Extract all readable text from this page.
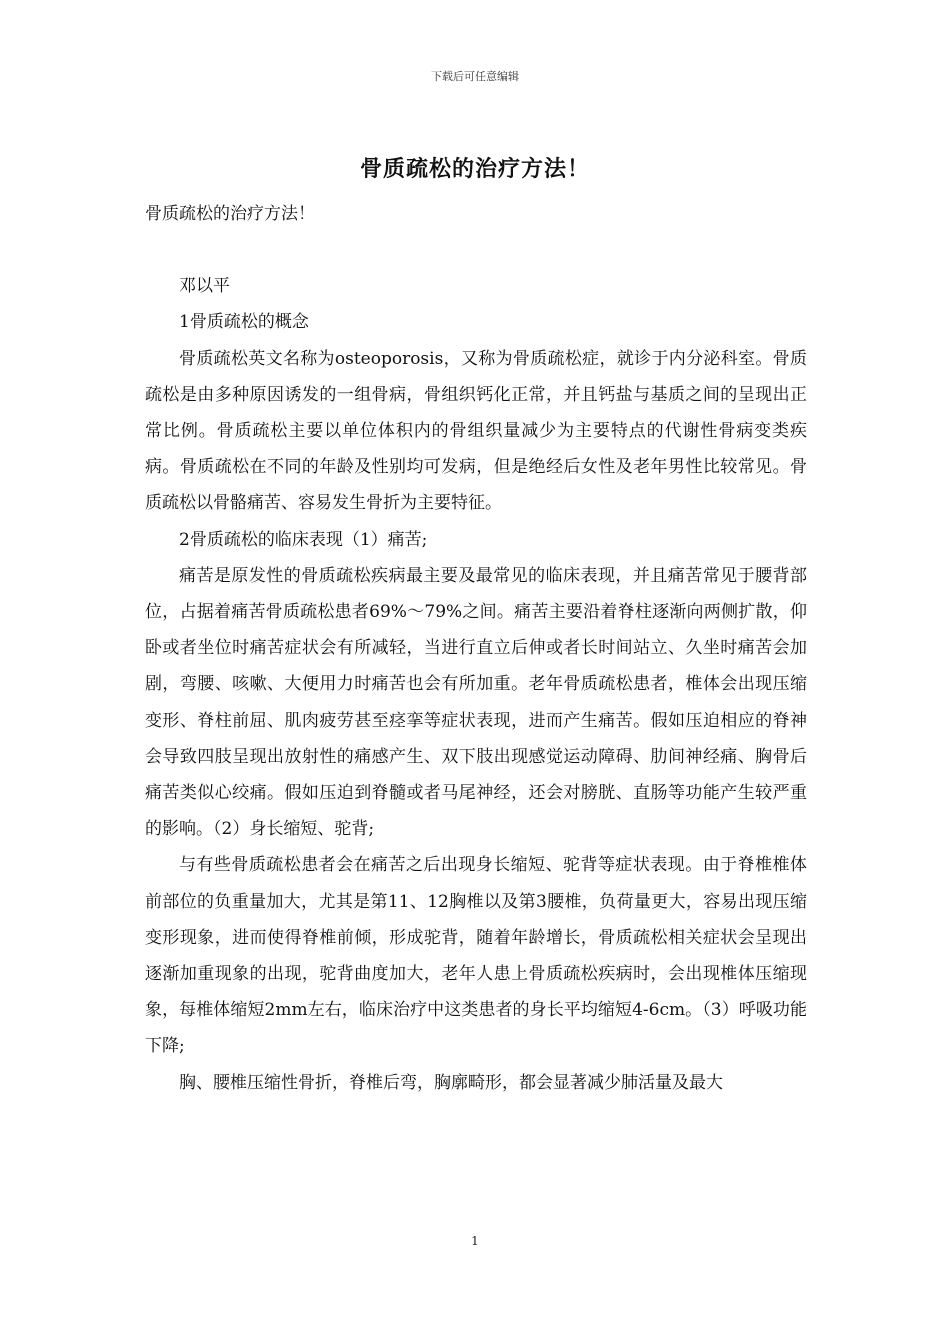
下载后可任意编辑
骨质疏松的治疗方法！

骨质疏松的治疗方法！

邓以平

1骨质疏松的概念

骨质疏松英文名称为osteoporosis，又称为骨质疏松症，就诊于内分泌科室。骨质疏松是由多种原因诱发的一组骨病，骨组织钙化正常，并且钙盐与基质之间的呈现出正常比例。骨质疏松主要以单位体积内的骨组织量减少为主要特点的代谢性骨病变类疾病。骨质疏松在不同的年龄及性别均可发病，但是绝经后女性及老年男性比较常见。骨质疏松以骨骼痛苦、容易发生骨折为主要特征。

2骨质疏松的临床表现（1）痛苦;

痛苦是原发性的骨质疏松疾病最主要及最常见的临床表现，并且痛苦常见于腰背部位，占据着痛苦骨质疏松患者69%～79%之间。痛苦主要沿着脊柱逐渐向两侧扩散，仰卧或者坐位时痛苦症状会有所减轻，当进行直立后伸或者长时间站立、久坐时痛苦会加剧，弯腰、咳嗽、大便用力时痛苦也会有所加重。老年骨质疏松患者，椎体会出现压缩变形、脊柱前屈、肌肉疲劳甚至痉挛等症状表现，进而产生痛苦。假如压迫相应的脊神会导致四肢呈现出放射性的痛感产生、双下肢出现感觉运动障碍、肋间神经痛、胸骨后痛苦类似心绞痛。假如压迫到脊髓或者马尾神经，还会对膀胱、直肠等功能产生较严重的影响。（2）身长缩短、驼背;

与有些骨质疏松患者会在痛苦之后出现身长缩短、驼背等症状表现。由于脊椎椎体前部位的负重量加大，尤其是第11、12胸椎以及第3腰椎，负荷量更大，容易出现压缩变形现象，进而使得脊椎前倾，形成驼背，随着年龄增长，骨质疏松相关症状会呈现出逐渐加重现象的出现，驼背曲度加大，老年人患上骨质疏松疾病时，会出现椎体压缩现象，每椎体缩短2mm左右，临床治疗中这类患者的身长平均缩短4-6cm。（3）呼吸功能下降;

胸、腰椎压缩性骨折，脊椎后弯，胸廓畸形，都会显著减少肺活量及最大

1
